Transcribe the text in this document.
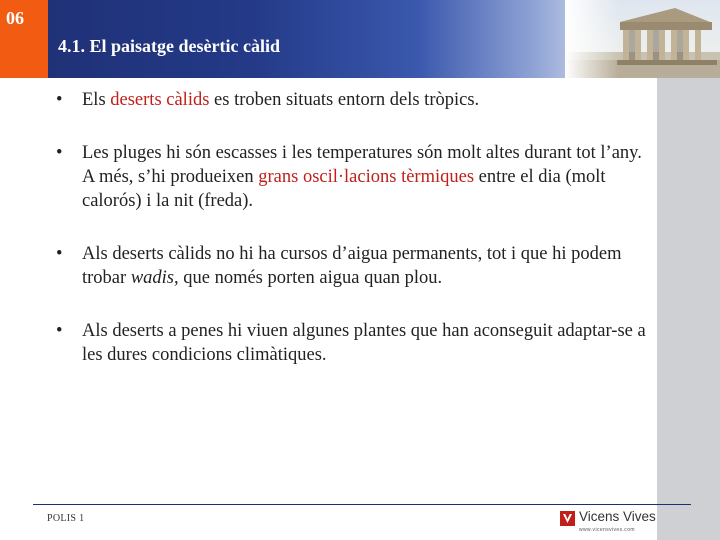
06
4.1. El paisatge desèrtic càlid
• Els deserts càlids es troben situats entorn dels tròpics.
• Les pluges hi són escasses i les temperatures són molt altes durant tot l’any. A més, s’hi produeixen grans oscil·lacions tèrmiques entre el dia (molt calorós) i la nit (freda).
• Als deserts càlids no hi ha cursos d’aigua permanents, tot i que hi podem trobar wadis, que només porten aigua quan plou.
• Als deserts a penes hi viuen algunes plantes que han aconseguit adaptar-se a les dures condicions climàtiques.
POLIS 1	Vicens Vives
www.vicensvives.com
